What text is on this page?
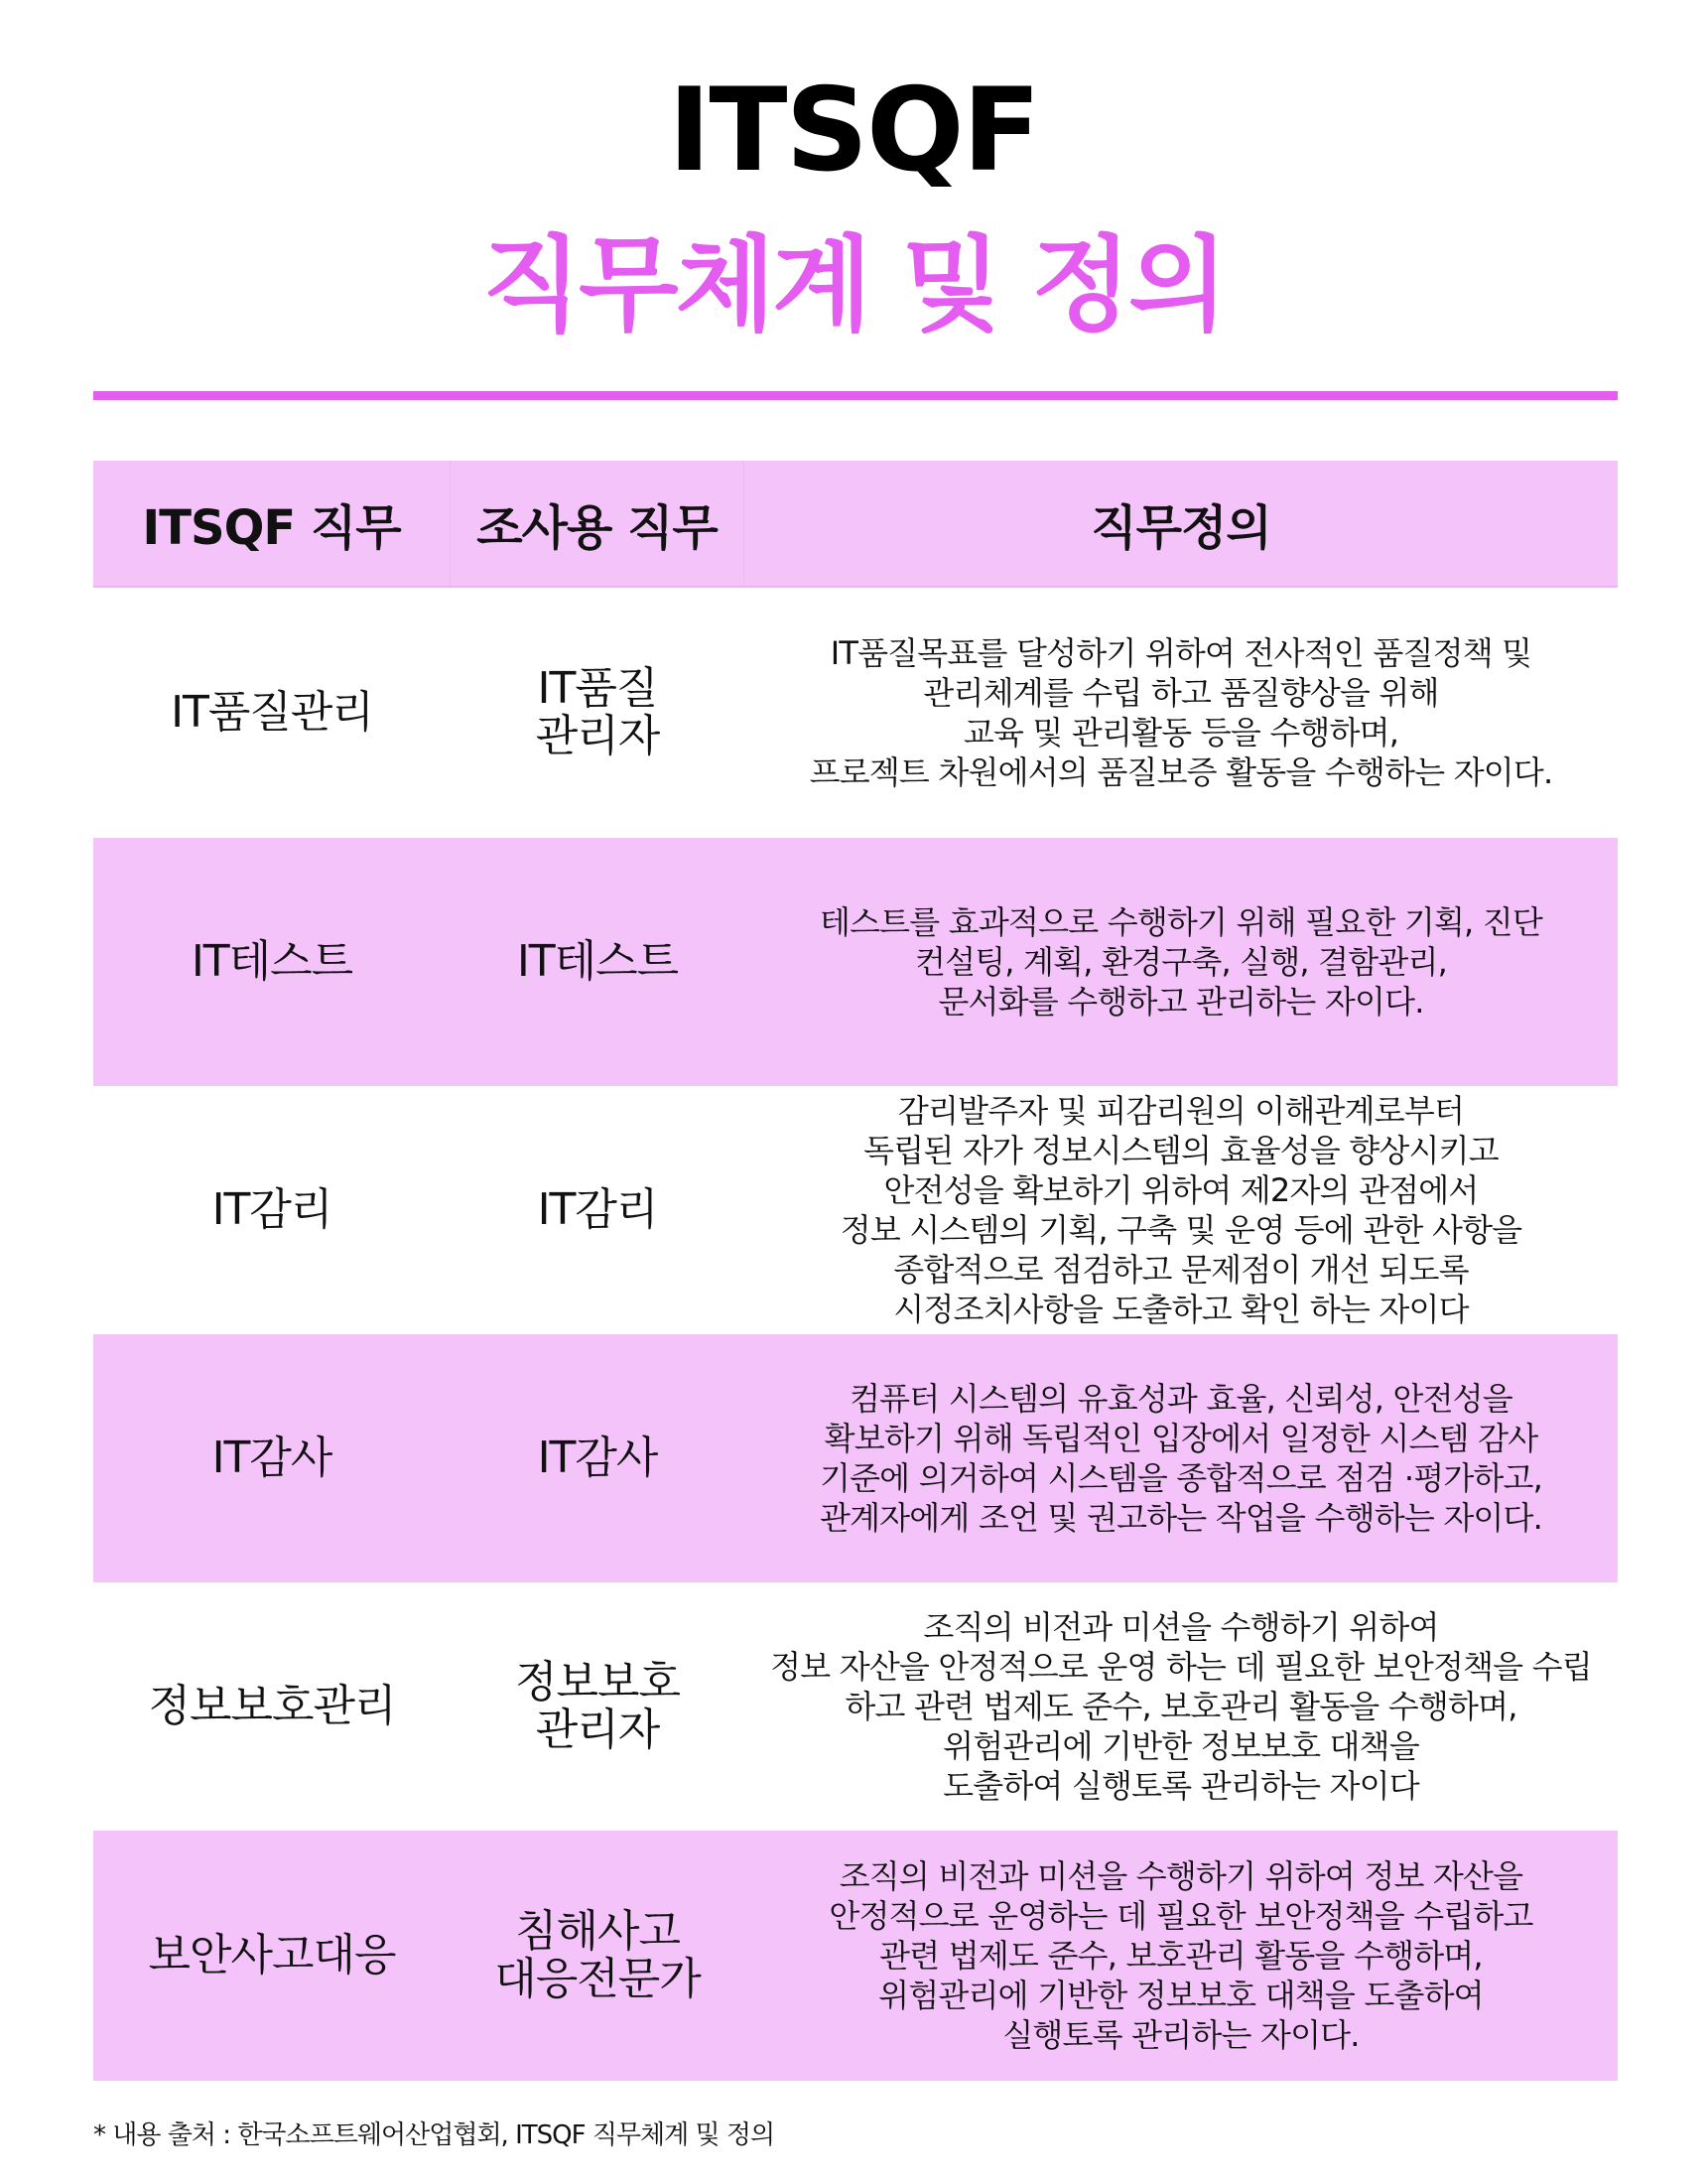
ITSQF
직무체계 및 정의
ITSQF 직무	조사용 직무	직무정의
IT품질관리	IT품질
관리자
IT품질목표를 달성하기 위하여 전사적인 품질정책 및
관리체계를 수립 하고 품질향상을 위해
교육 및 관리활동 등을 수행하며,
프로젝트 차원에서의 품질보증 활동을 수행하는 자이다.
IT테스트	IT테스트
테스트를 효과적으로 수행하기 위해 필요한 기획, 진단
컨설팅, 계획, 환경구축, 실행, 결함관리,
문서화를 수행하고 관리하는 자이다.
IT감리	IT감리
감리발주자 및 피감리원의 이해관계로부터
독립된 자가 정보시스템의 효율성을 향상시키고
안전성을 확보하기 위하여 제2자의 관점에서
정보 시스템의 기획, 구축 및 운영 등에 관한 사항을
종합적으로 점검하고 문제점이 개선 되도록
시정조치사항을 도출하고 확인 하는 자이다
IT감사	IT감사
컴퓨터 시스템의 유효성과 효율, 신뢰성, 안전성을
확보하기 위해 독립적인 입장에서 일정한 시스템 감사
기준에 의거하여 시스템을 종합적으로 점검 ·평가하고,
관계자에게 조언 및 권고하는 작업을 수행하는 자이다.
정보보호관리	정보보호
관리자
조직의 비전과 미션을 수행하기 위하여
정보 자산을 안정적으로 운영 하는 데 필요한 보안정책을 수립
하고 관련 법제도 준수, 보호관리 활동을 수행하며,
위험관리에 기반한 정보보호 대책을
도출하여 실행토록 관리하는 자이다
보안사고대응	침해사고
대응전문가
조직의 비전과 미션을 수행하기 위하여 정보 자산을
안정적으로 운영하는 데 필요한 보안정책을 수립하고
관련 법제도 준수, 보호관리 활동을 수행하며,
위험관리에 기반한 정보보호 대책을 도출하여
실행토록 관리하는 자이다.
* 내용 출처 : 한국소프트웨어산업협회, ITSQF 직무체계 및 정의
